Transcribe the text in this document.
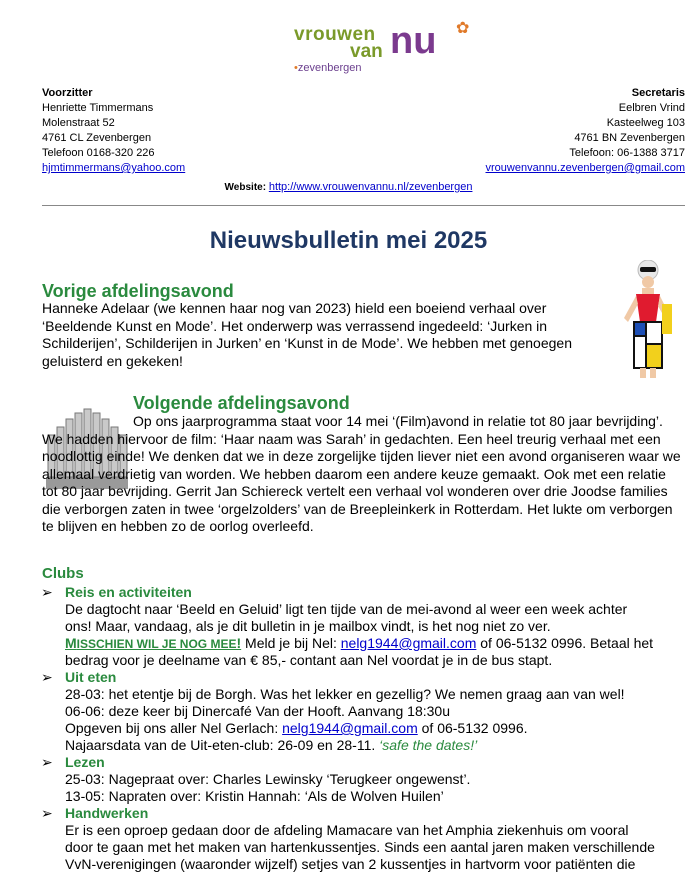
vrouwen
van nu ✿
•zevenbergen
Voorzitter
Henriette Timmermans
Molenstraat 52
4761 CL Zevenbergen
Telefoon 0168-320 226
hjmtimmermans@yahoo.com
Secretaris
Eelbren Vrind
Kasteelweg 103
4761 BN Zevenbergen
Telefoon: 06-1388 3717
vrouwenvannu.zevenbergen@gmail.com
Website: http://www.vrouwenvannu.nl/zevenbergen
Nieuwsbulletin mei 2025
Vorige afdelingsavond

Hanneke Adelaar (we kennen haar nog van 2023) hield een boeiend verhaal over ‘Beeldende Kunst en Mode’. Het onderwerp was verrassend ingedeeld: ‘Jurken in Schilderijen’, Schilderijen in Jurken’ en ‘Kunst in de Mode’. We hebben met genoegen geluisterd en gekeken!

Volgende afdelingsavond

Op ons jaarprogramma staat voor 14 mei ‘(Film)avond in relatie tot 80 jaar bevrijding’. We hadden hiervoor de film: ‘Haar naam was Sarah’ in gedachten. Een heel treurig verhaal met een noodlottig einde! We denken dat we in deze zorgelijke tijden liever niet een avond organiseren waar we allemaal verdrietig van worden. We hebben daarom een andere keuze gemaakt. Ook met een relatie tot 80 jaar bevrijding. Gerrit Jan Schiereck vertelt een verhaal vol wonderen over drie Joodse families die verborgen zaten in twee ‘orgelzolders’ van de Breepleinkerk in Rotterdam. Het lukte om verborgen te blijven en hebben zo de oorlog overleefd.

Clubs
➢ Reis en activiteiten
De dagtocht naar ‘Beeld en Geluid’ ligt ten tijde van de mei-avond al weer een week achter
ons! Maar, vandaag, als je dit bulletin in je mailbox vindt, is het nog niet zo ver.
MISSCHIEN WIL JE NOG MEE! Meld je bij Nel: nelg1944@gmail.com of 06-5132 0996. Betaal het
bedrag voor je deelname van € 85,- contant aan Nel voordat je in de bus stapt.
➢ Uit eten
28-03: het etentje bij de Borgh. Was het lekker en gezellig? We nemen graag aan van wel!
06-06: deze keer bij Dinercafé Van der Hooft. Aanvang 18:30u
Opgeven bij ons aller Nel Gerlach: nelg1944@gmail.com of 06-5132 0996.
Najaarsdata van de Uit-eten-club: 26-09 en 28-11. ‘safe the dates!’
➢ Lezen
25-03: Nagepraat over: Charles Lewinsky ‘Terugkeer ongewenst’.
13-05: Napraten over: Kristin Hannah: ‘Als de Wolven Huilen’
➢ Handwerken
Er is een oproep gedaan door de afdeling Mamacare van het Amphia ziekenhuis om vooral
door te gaan met het maken van hartenkussentjes. Sinds een aantal jaren maken verschillende
VvN-verenigingen (waaronder wijzelf) setjes van 2 kussentjes in hartvorm voor patiënten die
